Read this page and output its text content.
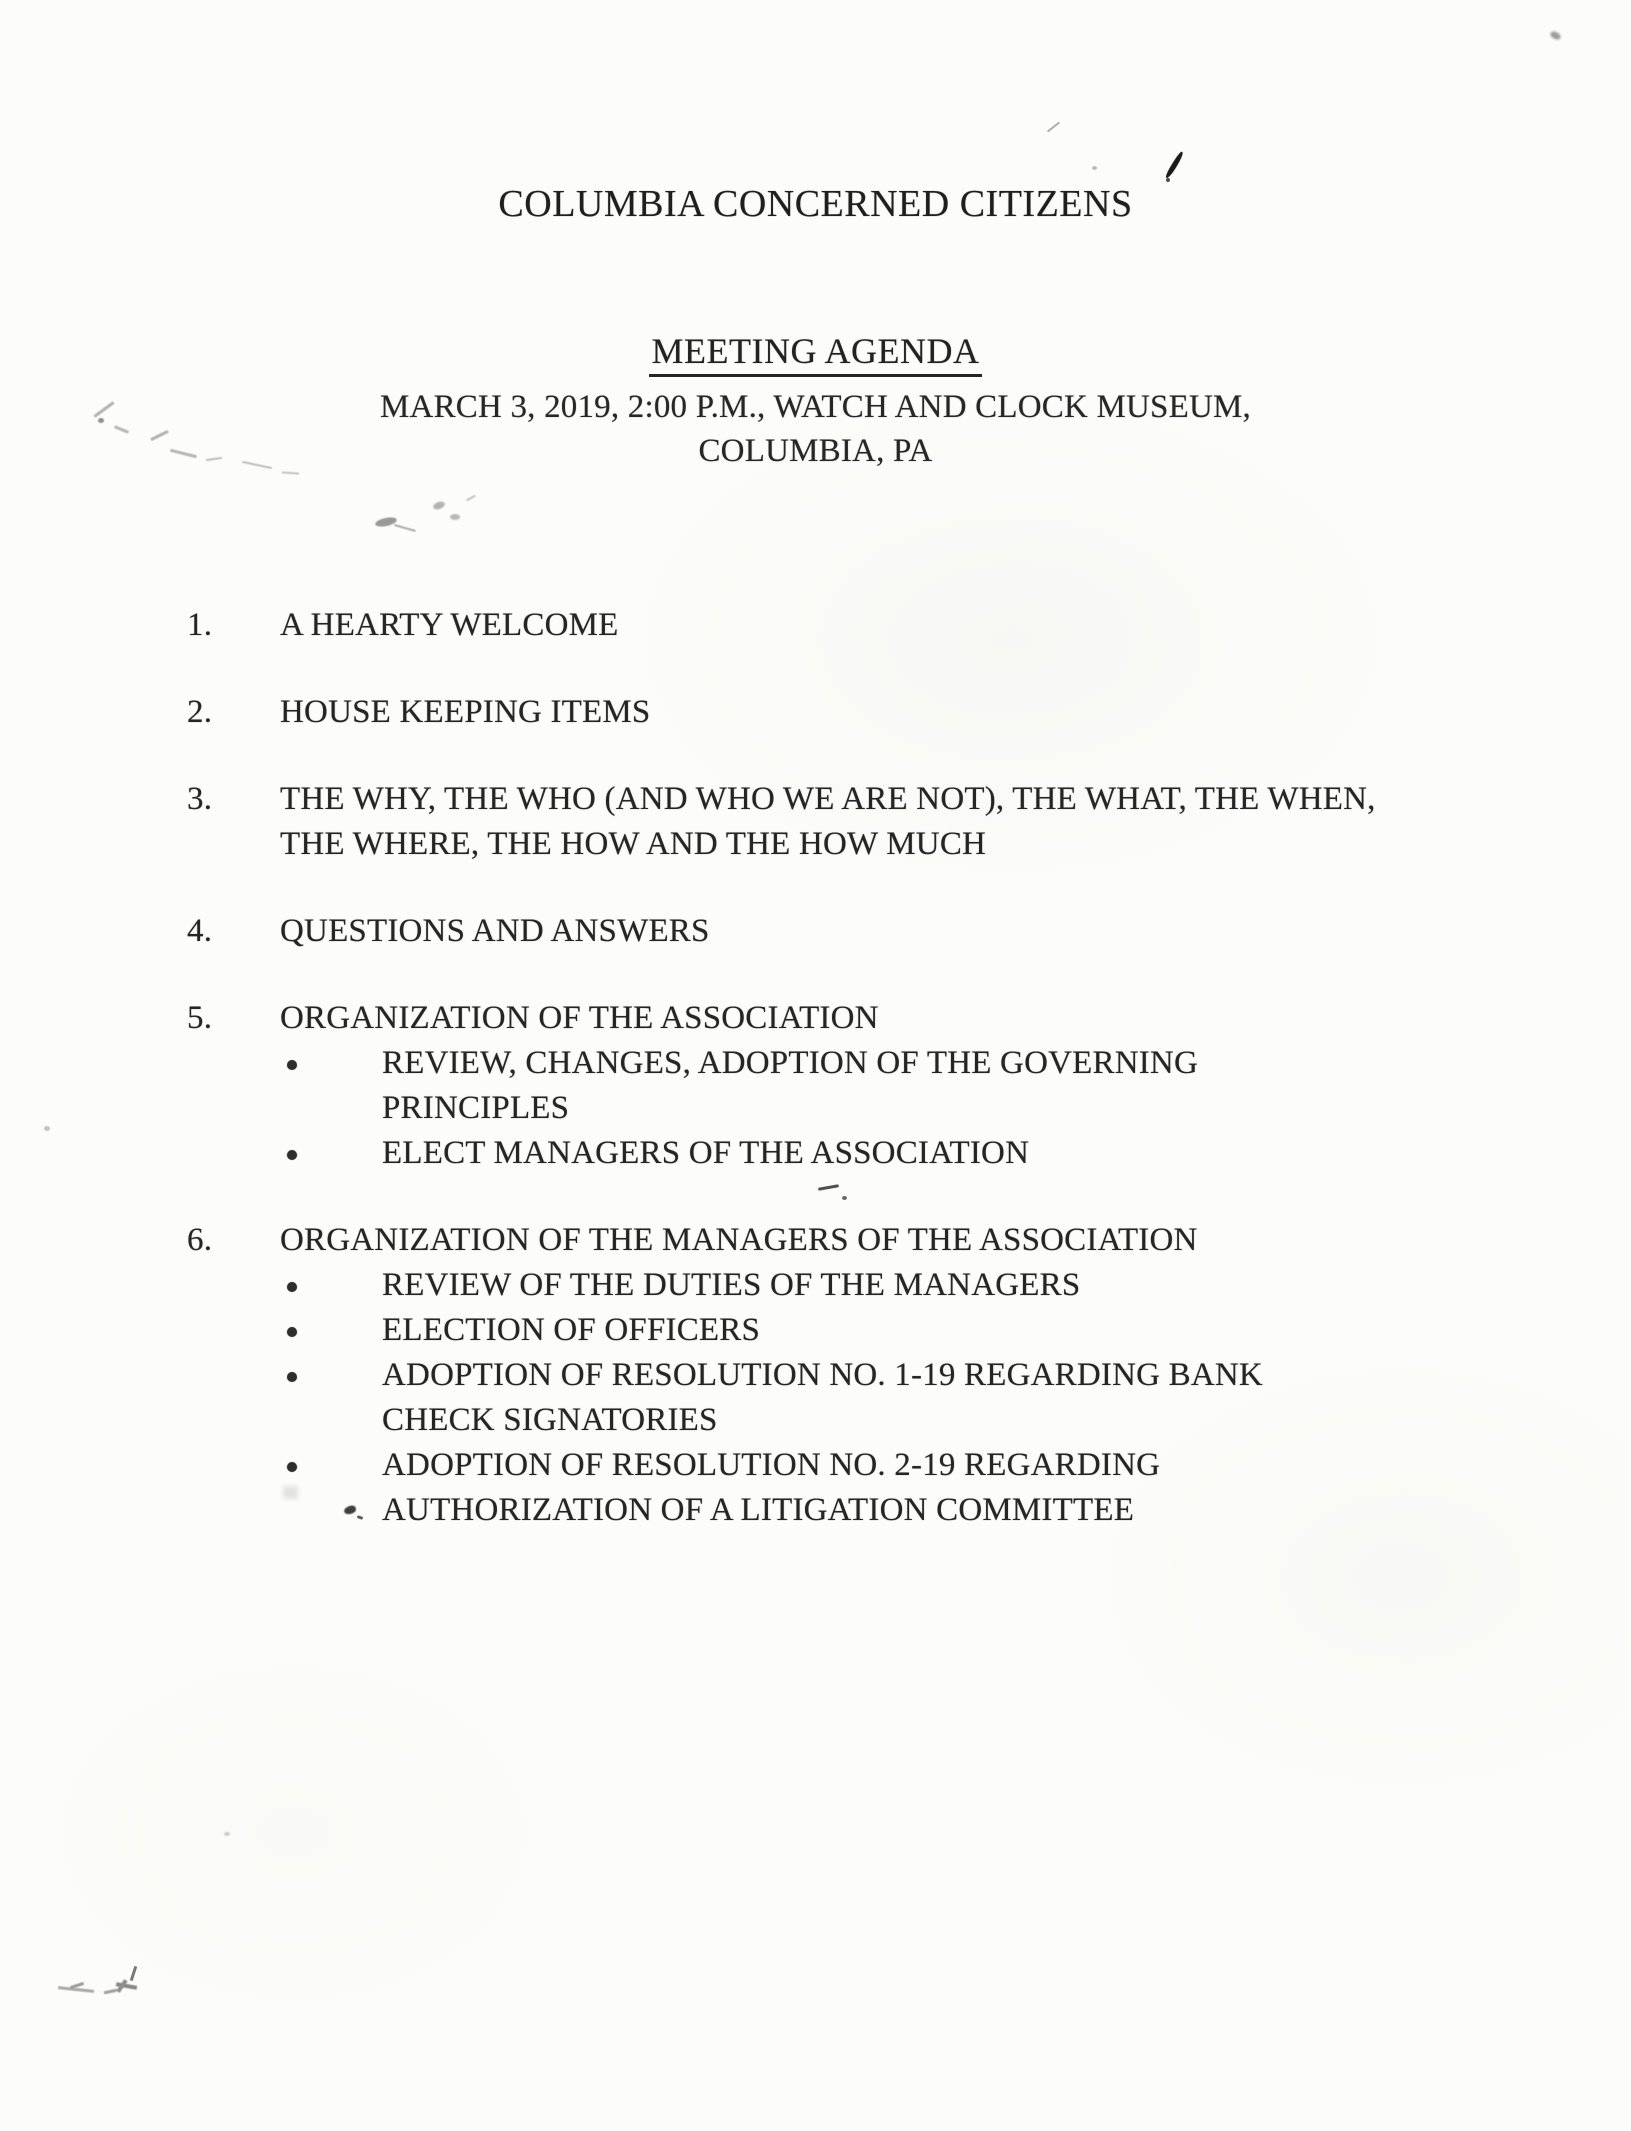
COLUMBIA CONCERNED CITIZENS
MEETING AGENDA
MARCH 3, 2019, 2:00 P.M., WATCH AND CLOCK MUSEUM,
COLUMBIA, PA
1.	A HEARTY WELCOME
2.	HOUSE KEEPING ITEMS
3.	THE WHY, THE WHO (AND WHO WE ARE NOT), THE WHAT, THE WHEN, THE WHERE, THE HOW AND THE HOW MUCH
4.	QUESTIONS AND ANSWERS
5.	ORGANIZATION OF THE ASSOCIATION
REVIEW, CHANGES, ADOPTION OF THE GOVERNING PRINCIPLES
ELECT MANAGERS OF THE ASSOCIATION
6.	ORGANIZATION OF THE MANAGERS OF THE ASSOCIATION
REVIEW OF THE DUTIES OF THE MANAGERS
ELECTION OF OFFICERS
ADOPTION OF RESOLUTION NO. 1-19 REGARDING BANK CHECK SIGNATORIES
ADOPTION OF RESOLUTION NO. 2-19 REGARDING AUTHORIZATION OF A LITIGATION COMMITTEE
